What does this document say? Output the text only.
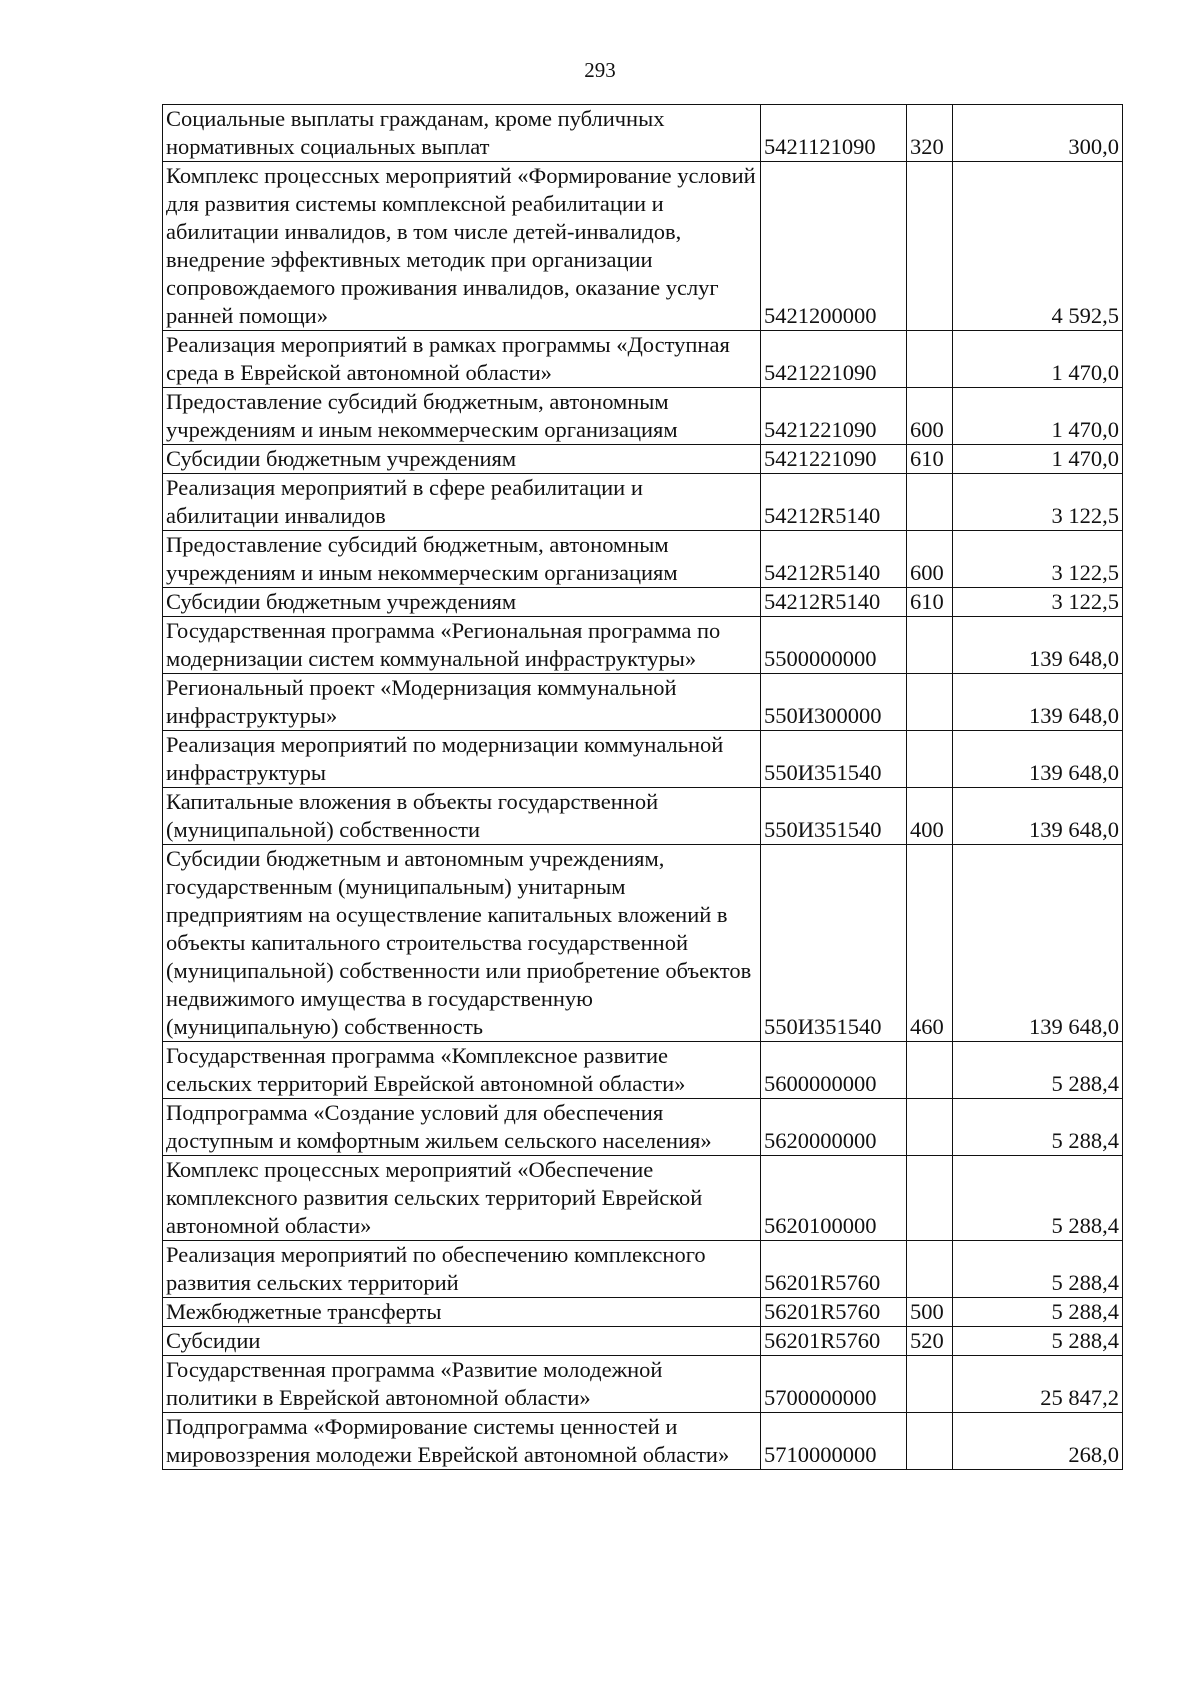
293
Социальные выплаты гражданам, кроме публичных нормативных социальных выплат	5421121090	320	300,0
Комплекс процессных мероприятий «Формирование условий для развития системы комплексной реабилитации и абилитации инвалидов, в том числе детей-инвалидов, внедрение эффективных методик при организации сопровождаемого проживания инвалидов, оказание услуг ранней помощи»	5421200000		4 592,5
Реализация мероприятий в рамках программы «Доступная среда в Еврейской автономной области»	5421221090		1 470,0
Предоставление субсидий бюджетным, автономным учреждениям и иным некоммерческим организациям	5421221090	600	1 470,0
Субсидии бюджетным учреждениям	5421221090	610	1 470,0
Реализация мероприятий в сфере реабилитации и абилитации инвалидов	54212R5140		3 122,5
Предоставление субсидий бюджетным, автономным учреждениям и иным некоммерческим организациям	54212R5140	600	3 122,5
Субсидии бюджетным учреждениям	54212R5140	610	3 122,5
Государственная программа «Региональная программа по модернизации систем коммунальной инфраструктуры»	5500000000		139 648,0
Региональный проект «Модернизация коммунальной инфраструктуры»	550И300000		139 648,0
Реализация мероприятий по модернизации коммунальной инфраструктуры	550И351540		139 648,0
Капитальные вложения в объекты государственной (муниципальной) собственности	550И351540	400	139 648,0
Субсидии бюджетным и автономным учреждениям, государственным (муниципальным) унитарным предприятиям на осуществление капитальных вложений в объекты капитального строительства государственной (муниципальной) собственности или приобретение объектов недвижимого имущества в государственную (муниципальную) собственность	550И351540	460	139 648,0
Государственная программа «Комплексное развитие сельских территорий Еврейской автономной области»	5600000000		5 288,4
Подпрограмма «Создание условий для обеспечения доступным и комфортным жильем сельского населения»	5620000000		5 288,4
Комплекс процессных мероприятий «Обеспечение комплексного развития сельских территорий Еврейской автономной области»	5620100000		5 288,4
Реализация мероприятий по обеспечению комплексного развития сельских территорий	56201R5760		5 288,4
Межбюджетные трансферты	56201R5760	500	5 288,4
Субсидии	56201R5760	520	5 288,4
Государственная программа «Развитие молодежной политики в Еврейской автономной области»	5700000000		25 847,2
Подпрограмма «Формирование системы ценностей и мировоззрения молодежи Еврейской автономной области»	5710000000		268,0
